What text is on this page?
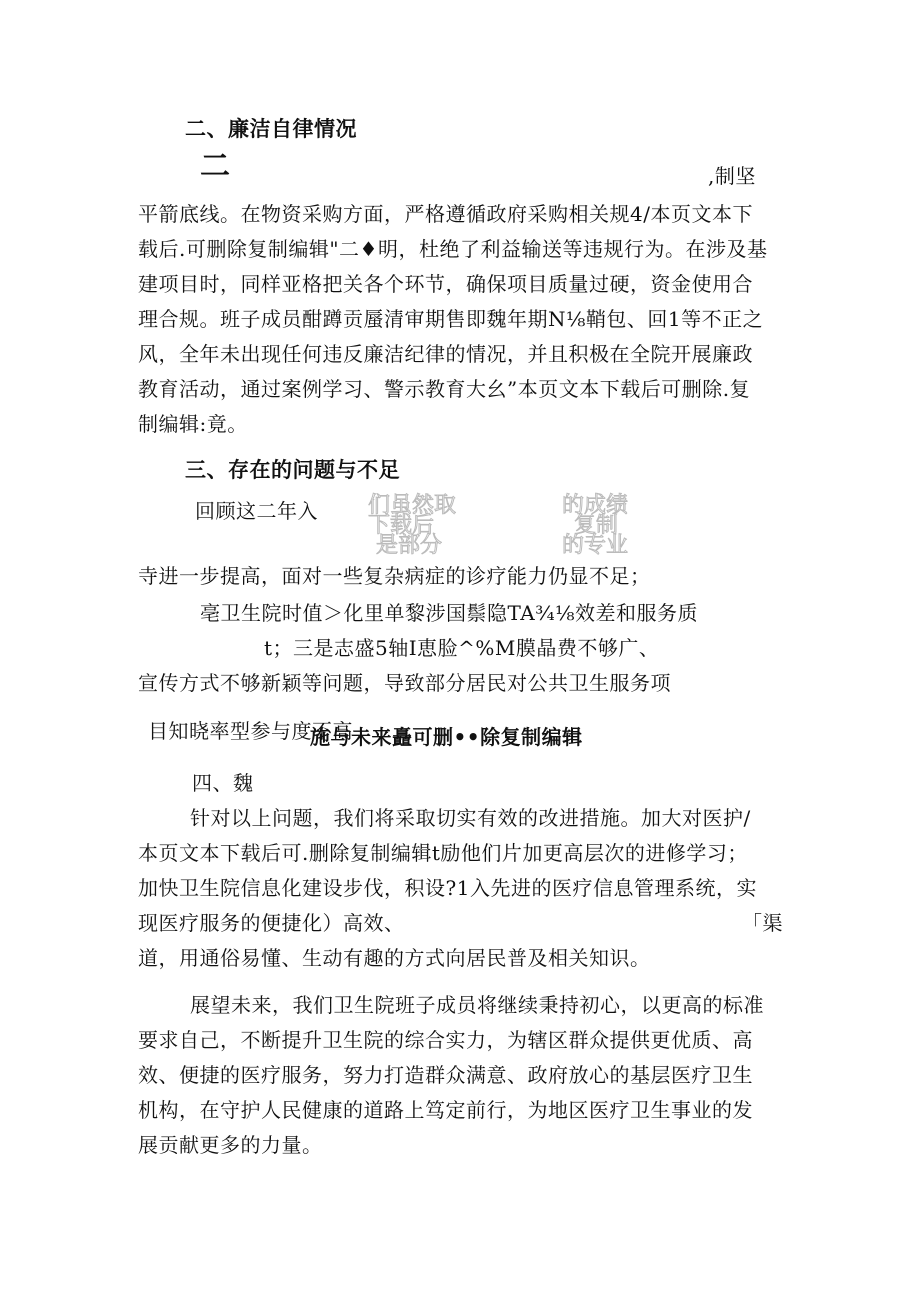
二、廉洁自律情况
二	,制坚
平箭底线。在物资采购方面，严格遵循政府采购相关规4/本页文本下
载后.可删除复制编辑"二♦明，杜绝了利益输送等违规行为。在涉及基
建项目时，同样亚格把关各个环节，确保项目质量过硬，资金使用合
理合规。班子成员酣蹲贡蜃清审期售即魏年期N⅛鞘包、回1等不正之
风，全年未出现任何违反廉洁纪律的情况，并且积极在全院开展廉政
教育活动，通过案例学习、警示教育大幺”本页文本下载后可删除.复
制编辑:竟。
三、存在的问题与不足
回顾这二年入 们虽然取	的成绩
下载后	复制
是部分	的专业
寺进一步提高，面对一些复杂病症的诊疗能力仍显不足；
亳卫生院时值＞化里单黎涉国鬃隐TA¾⅛效差和服务质
t；三是志盛5轴I恵脸^%M膜晶费不够广、
宣传方式不够新颖等问题，导致部分居民对公共卫生服务项
目知晓率型参与度不高
施与未来矗可删••除复制编辑
四、魏
针对以上问题，我们将采取切实有效的改进措施。加大对医护/
本页文本下载后可.删除复制编辑t励他们片加更高层次的进修学习；
加快卫生院信息化建设步伐，积设?1入先进的医疗信息管理系统，实
现医疗服务的便捷化）高效、	「渠
道，用通俗易懂、生动有趣的方式向居民普及相关知识。
展望未来，我们卫生院班子成员将继续秉持初心，以更高的标准
要求自己，不断提升卫生院的综合实力，为辖区群众提供更优质、高
效、便捷的医疗服务，努力打造群众满意、政府放心的基层医疗卫生
机构，在守护人民健康的道路上笃定前行，为地区医疗卫生事业的发
展贡献更多的力量。
